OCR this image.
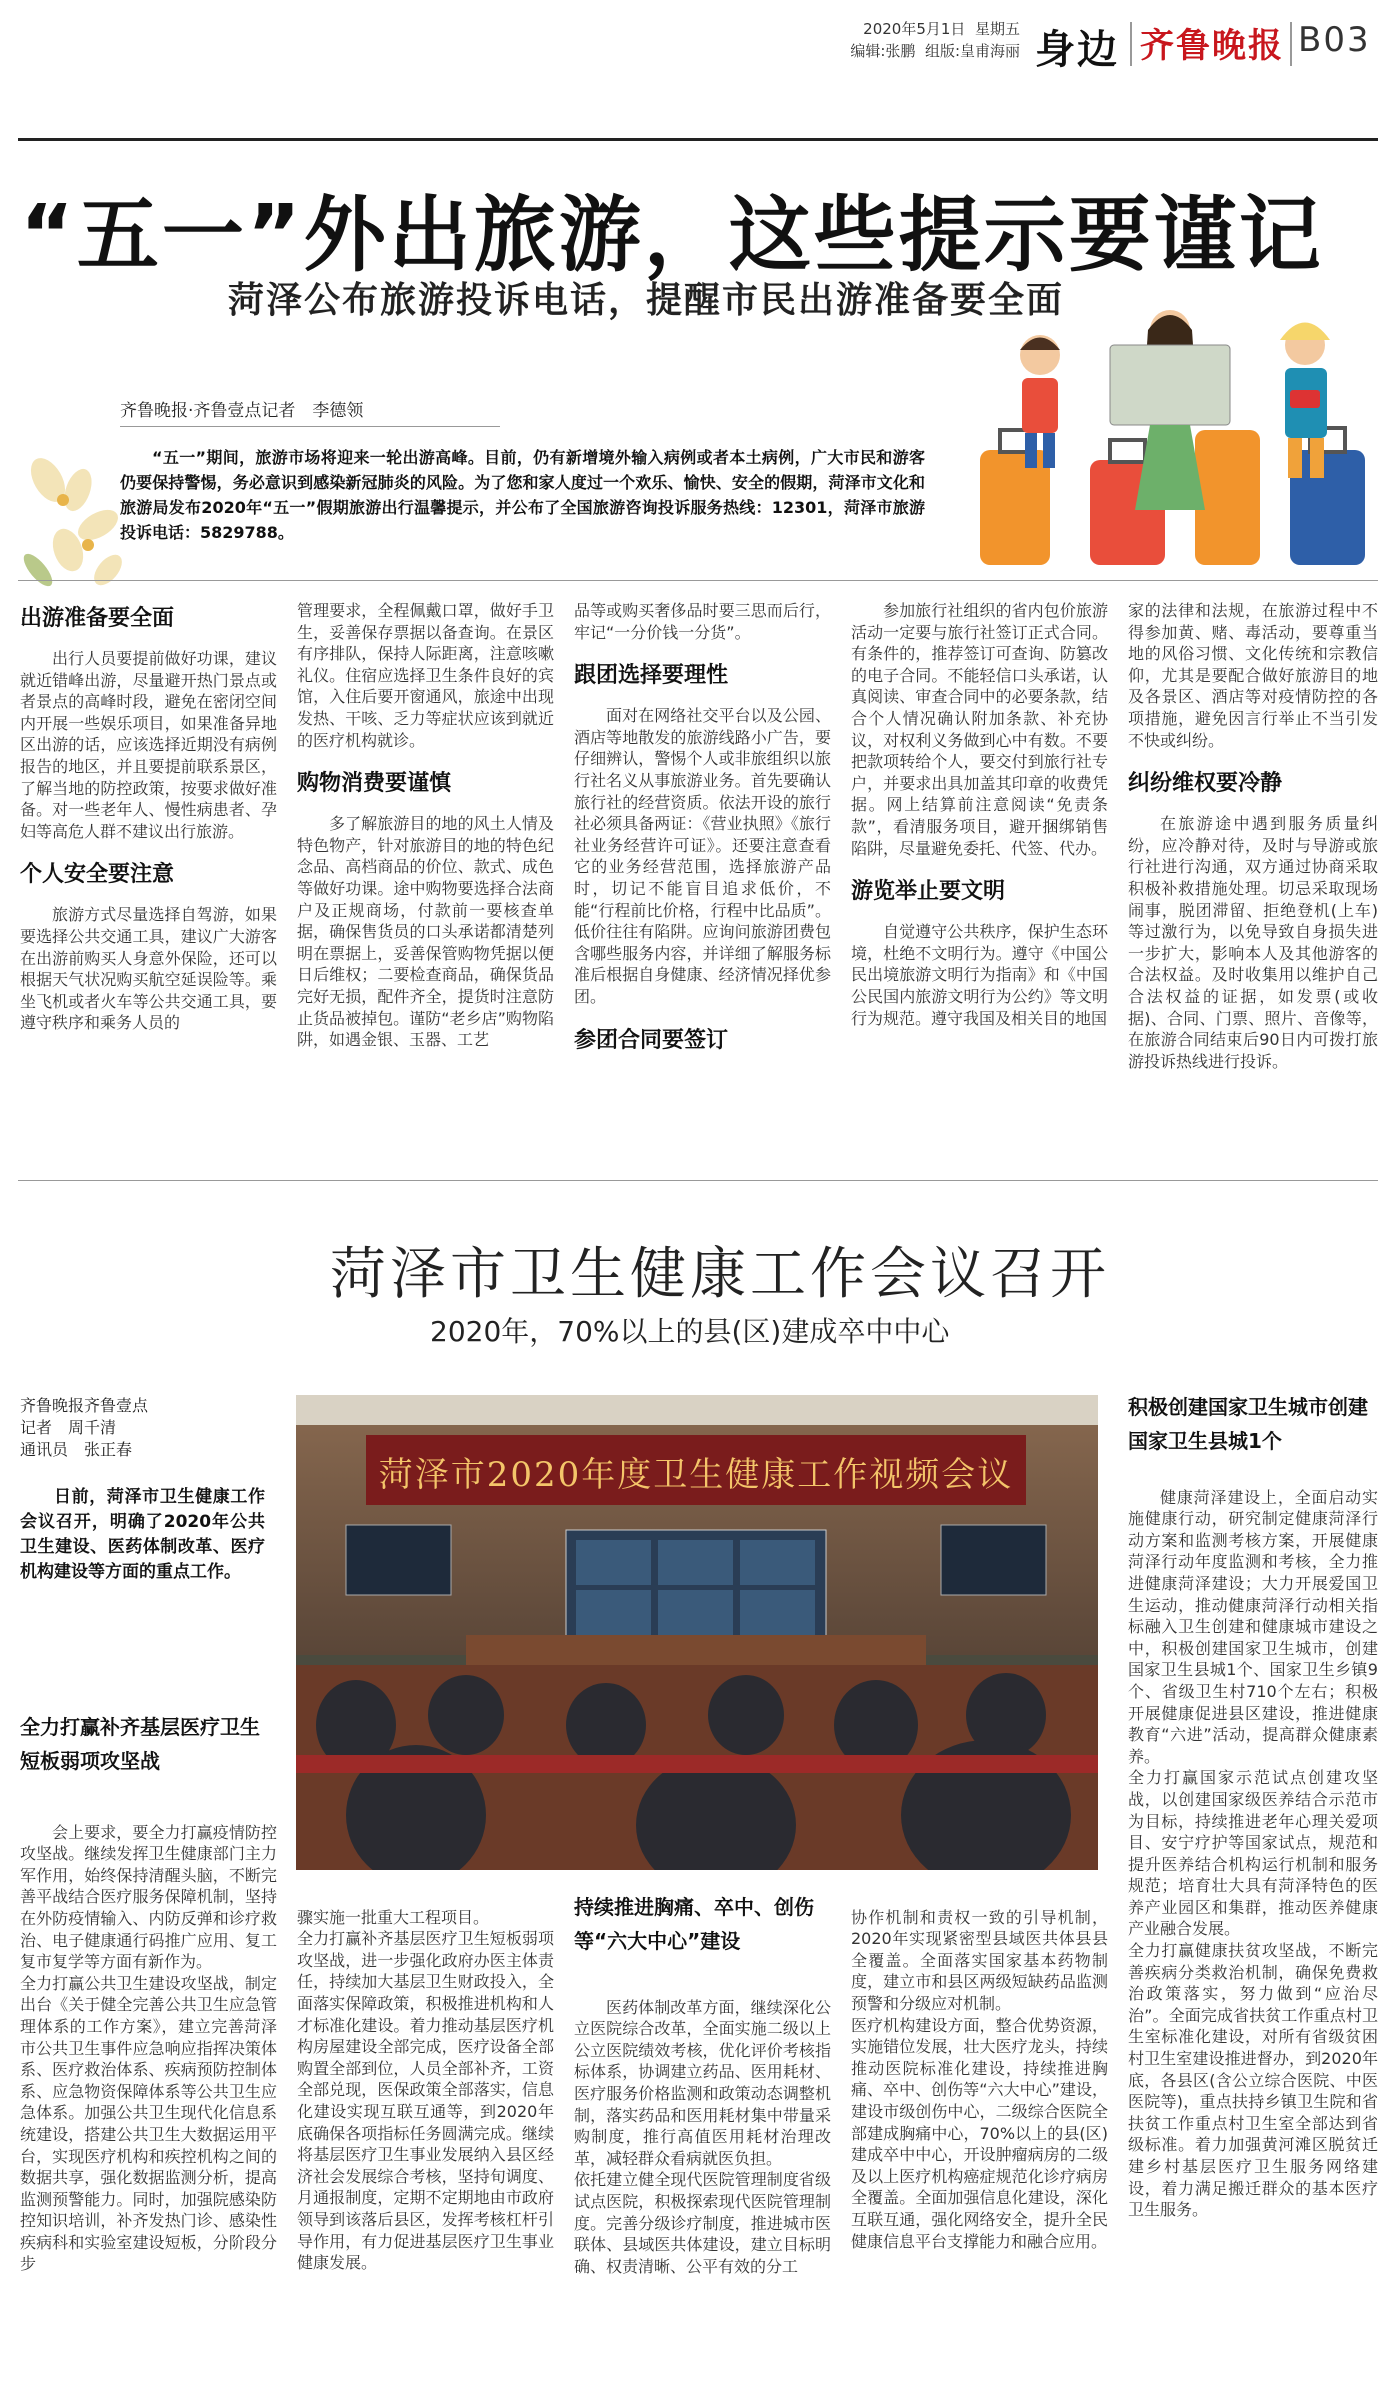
2020年5月1日 星期五
编辑:张鹏 组版:皇甫海丽 身边 齐鲁晚报 B03
“五一”外出旅游，这些提示要谨记
菏泽公布旅游投诉电话，提醒市民出游准备要全面
齐鲁晚报·齐鲁壹点记者　李德领
“五一”期间，旅游市场将迎来一轮出游高峰。目前，仍有新增境外输入病例或者本土病例，广大市民和游客仍要保持警惕，务必意识到感染新冠肺炎的风险。为了您和家人度过一个欢乐、愉快、安全的假期，菏泽市文化和旅游局发布2020年“五一”假期旅游出行温馨提示，并公布了全国旅游咨询投诉服务热线：12301，菏泽市旅游投诉电话：5829788。
出游准备要全面

出行人员要提前做好功课，建议就近错峰出游，尽量避开热门景点或者景点的高峰时段，避免在密闭空间内开展一些娱乐项目，如果准备异地区出游的话，应该选择近期没有病例报告的地区，并且要提前联系景区，了解当地的防控政策，按要求做好准备。对一些老年人、慢性病患者、孕妇等高危人群不建议出行旅游。

个人安全要注意

旅游方式尽量选择自驾游，如果要选择公共交通工具，建议广大游客在出游前购买人身意外保险，还可以根据天气状况购买航空延误险等。乘坐飞机或者火车等公共交通工具，要遵守秩序和乘务人员的

管理要求，全程佩戴口罩，做好手卫生，妥善保存票据以备查询。在景区有序排队，保持人际距离，注意咳嗽礼仪。住宿应选择卫生条件良好的宾馆，入住后要开窗通风，旅途中出现发热、干咳、乏力等症状应该到就近的医疗机构就诊。

购物消费要谨慎

多了解旅游目的地的风土人情及特色物产，针对旅游目的地的特色纪念品、高档商品的价位、款式、成色等做好功课。途中购物要选择合法商户及正规商场，付款前一要核查单据，确保售货员的口头承诺都清楚列明在票据上，妥善保管购物凭据以便日后维权；二要检查商品，确保货品完好无损，配件齐全，提货时注意防止货品被掉包。谨防“老乡店”购物陷阱，如遇金银、玉器、工艺

品等或购买奢侈品时要三思而后行，牢记“一分价钱一分货”。

跟团选择要理性

面对在网络社交平台以及公园、酒店等地散发的旅游线路小广告，要仔细辨认，警惕个人或非旅组织以旅行社名义从事旅游业务。首先要确认旅行社的经营资质。依法开设的旅行社必须具备两证：《营业执照》《旅行社业务经营许可证》。还要注意查看它的业务经营范围，选择旅游产品时，切记不能盲目追求低价，不能“行程前比价格，行程中比品质”。低价往往有陷阱。应询问旅游团费包含哪些服务内容，并详细了解服务标准后根据自身健康、经济情况择优参团。

参团合同要签订

参加旅行社组织的省内包价旅游活动一定要与旅行社签订正式合同。有条件的，推荐签订可查询、防篡改的电子合同。不能轻信口头承诺，认真阅读、审查合同中的必要条款，结合个人情况确认附加条款、补充协议，对权利义务做到心中有数。不要把款项转给个人，要交付到旅行社专户，并要求出具加盖其印章的收费凭据。网上结算前注意阅读“免责条款”，看清服务项目，避开捆绑销售陷阱，尽量避免委托、代签、代办。

游览举止要文明

自觉遵守公共秩序，保护生态环境，杜绝不文明行为。遵守《中国公民出境旅游文明行为指南》和《中国公民国内旅游文明行为公约》等文明行为规范。遵守我国及相关目的地国

家的法律和法规，在旅游过程中不得参加黄、赌、毒活动，要尊重当地的风俗习惯、文化传统和宗教信仰，尤其是要配合做好旅游目的地及各景区、酒店等对疫情防控的各项措施，避免因言行举止不当引发不快或纠纷。

纠纷维权要冷静

在旅游途中遇到服务质量纠纷，应冷静对待，及时与导游或旅行社进行沟通，双方通过协商采取积极补救措施处理。切忌采取现场闹事，脱团滞留、拒绝登机(上车)等过激行为，以免导致自身损失进一步扩大，影响本人及其他游客的合法权益。及时收集用以维护自己合法权益的证据，如发票(或收据)、合同、门票、照片、音像等，在旅游合同结束后90日内可拨打旅游投诉热线进行投诉。

菏泽市卫生健康工作会议召开
2020年，70%以上的县(区)建成卒中中心
齐鲁晚报齐鲁壹点
记者　周千清
通讯员　张正春
日前，菏泽市卫生健康工作会议召开，明确了2020年公共卫生建设、医药体制改革、医疗机构建设等方面的重点工作。
菏泽市2020年度卫生健康工作视频会议
积极创建国家卫生城市创建国家卫生县城1个

健康菏泽建设上，全面启动实施健康行动，研究制定健康菏泽行动方案和监测考核方案，开展健康菏泽行动年度监测和考核，全力推进健康菏泽建设；大力开展爱国卫生运动，推动健康菏泽行动相关指标融入卫生创建和健康城市建设之中，积极创建国家卫生城市，创建国家卫生县城1个、国家卫生乡镇9个、省级卫生村710个左右；积极开展健康促进县区建设，推进健康教育“六进”活动，提高群众健康素养。
全力打赢国家示范试点创建攻坚战，以创建国家级医养结合示范市为目标，持续推进老年心理关爱项目、安宁疗护等国家试点，规范和提升医养结合机构运行机制和服务规范；培育壮大具有菏泽特色的医养产业园区和集群，推动医养健康产业融合发展。
全力打赢健康扶贫攻坚战，不断完善疾病分类救治机制，确保免费救治政策落实，努力做到“应治尽治”。全面完成省扶贫工作重点村卫生室标准化建设，对所有省级贫困村卫生室建设推进督办，到2020年底，各县区(含公立综合医院、中医医院等)，重点扶持乡镇卫生院和省扶贫工作重点村卫生室全部达到省级标准。着力加强黄河滩区脱贫迁建乡村基层医疗卫生服务网络建设，着力满足搬迁群众的基本医疗卫生服务。

全力打赢补齐基层医疗卫生短板弱项攻坚战

会上要求，要全力打赢疫情防控攻坚战。继续发挥卫生健康部门主力军作用，始终保持清醒头脑，不断完善平战结合医疗服务保障机制，坚持在外防疫情输入、内防反弹和诊疗救治、电子健康通行码推广应用、复工复市复学等方面有新作为。
全力打赢公共卫生建设攻坚战，制定出台《关于健全完善公共卫生应急管理体系的工作方案》，建立完善菏泽市公共卫生事件应急响应指挥决策体系、医疗救治体系、疾病预防控制体系、应急物资保障体系等公共卫生应急体系。加强公共卫生现代化信息系统建设，搭建公共卫生大数据运用平台，实现医疗机构和疾控机构之间的数据共享，强化数据监测分析，提高监测预警能力。同时，加强院感染防控知识培训，补齐发热门诊、感染性疾病科和实验室建设短板，分阶段分步

骤实施一批重大工程项目。
全力打赢补齐基层医疗卫生短板弱项攻坚战，进一步强化政府办医主体责任，持续加大基层卫生财政投入，全面落实保障政策，积极推进机构和人才标准化建设。着力推动基层医疗机构房屋建设全部完成，医疗设备全部购置全部到位，人员全部补齐，工资全部兑现，医保政策全部落实，信息化建设实现互联互通等，到2020年底确保各项指标任务圆满完成。继续将基层医疗卫生事业发展纳入县区经济社会发展综合考核，坚持旬调度、月通报制度，定期不定期地由市政府领导到该落后县区，发挥考核杠杆引导作用，有力促进基层医疗卫生事业健康发展。

持续推进胸痛、卒中、创伤等“六大中心”建设

医药体制改革方面，继续深化公立医院综合改革，全面实施二级以上公立医院绩效考核，优化评价考核指标体系，协调建立药品、医用耗材、医疗服务价格监测和政策动态调整机制，落实药品和医用耗材集中带量采购制度，推行高值医用耗材治理改革，减轻群众看病就医负担。
依托建立健全现代医院管理制度省级试点医院，积极探索现代医院管理制度。完善分级诊疗制度，推进城市医联体、县域医共体建设，建立目标明确、权责清晰、公平有效的分工

协作机制和责权一致的引导机制，2020年实现紧密型县域医共体县县全覆盖。全面落实国家基本药物制度，建立市和县区两级短缺药品监测预警和分级应对机制。
医疗机构建设方面，整合优势资源，实施错位发展，壮大医疗龙头，持续推动医院标准化建设，持续推进胸痛、卒中、创伤等“六大中心”建设，建设市级创伤中心，二级综合医院全部建成胸痛中心，70%以上的县(区)建成卒中中心，开设肿瘤病房的二级及以上医疗机构癌症规范化诊疗病房全覆盖。全面加强信息化建设，深化互联互通，强化网络安全，提升全民健康信息平台支撑能力和融合应用。
